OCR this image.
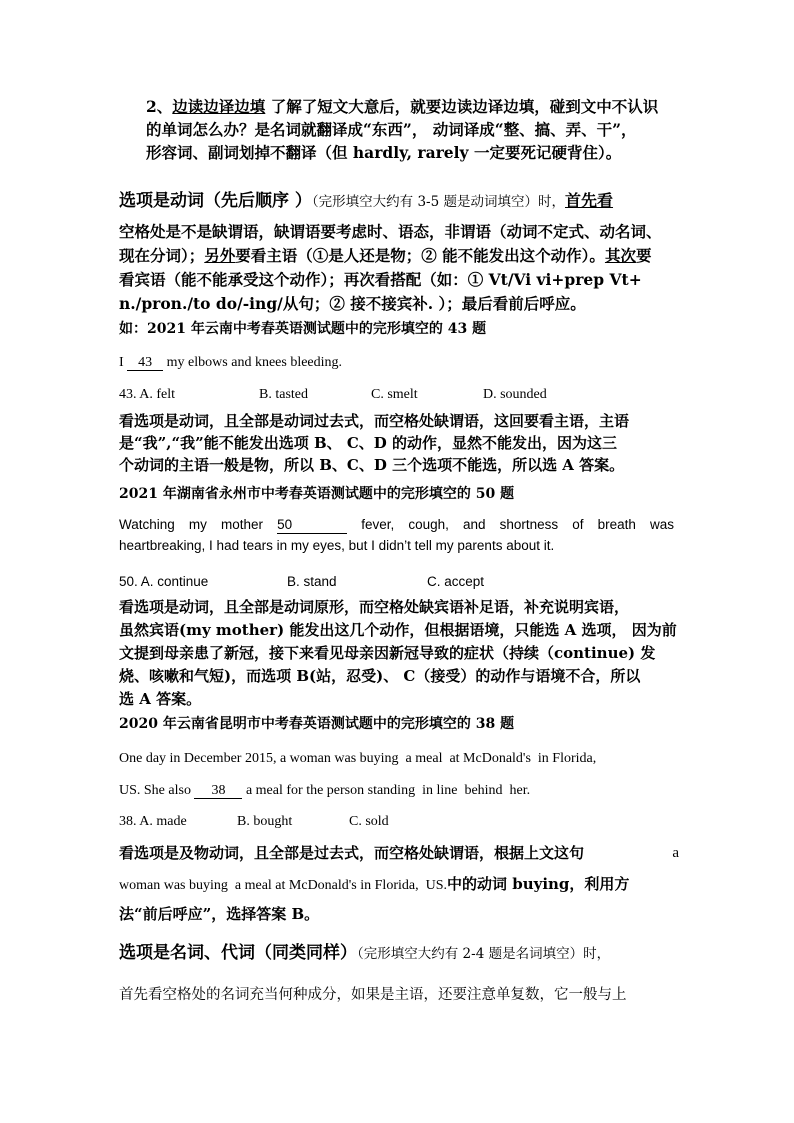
2、边读边译边填 了解了短文大意后，就要边读边译边填，碰到文中不认识
的单词怎么办？是名词就翻译成“东西”， 动词译成“整、搞、弄、干”，
形容词、副词划掉不翻译（但 hardly, rarely 一定要死记硬背住）。
选项是动词（先后顺序 ）（完形填空大约有 3-5 题是动词填空）时，首先看
空格处是不是缺谓语，缺谓语要考虑时、语态，非谓语（动词不定式、动名词、
现在分词）；另外要看主语（①是人还是物；② 能不能发出这个动作）。其次要
看宾语（能不能承受这个动作）；再次看搭配（如：① Vt/Vi vi+prep Vt+
n./pron./to do/-ing/从句；② 接不接宾补. ）；最后看前后呼应。
如：2021 年云南中考春英语测试题中的完形填空的 43 题
I 43 my elbows and knees bleeding.
43. A. felt	B. tasted	C. smelt	D. sounded
看选项是动词，且全部是动词过去式，而空格处缺谓语，这回要看主语，主语
是“我”,“我”能不能发出选项 B、 C、D 的动作，显然不能发出，因为这三
个动词的主语一般是物，所以 B、C、D 三个选项不能选，所以选 A 答案。
2021 年湖南省永州市中考春英语测试题中的完形填空的 50 题
Watching my mother 50	fever, cough, and shortness of breath was
heartbreaking, I had tears in my eyes, but I didn’t tell my parents about it.
50. A. continue	B. stand	C. accept
看选项是动词，且全部是动词原形，而空格处缺宾语补足语，补充说明宾语，
虽然宾语(my mother) 能发出这几个动作，但根据语境，只能选 A 选项， 因为前
文提到母亲患了新冠，接下来看见母亲因新冠导致的症状（持续（continue) 发
烧、咳嗽和气短)，而选项 B(站，忍受)、 C（接受）的动作与语境不合，所以
选 A 答案。
2020 年云南省昆明市中考春英语测试题中的完形填空的 38 题
One day in December 2015, a woman was buying  a meal  at McDonald's  in Florida,
US. She also 38 a meal for the person standing  in line  behind  her.
38. A. made	B. bought	C. sold
看选项是及物动词，且全部是过去式，而空格处缺谓语，根据上文这句	a
woman was buying  a meal at McDonald's in Florida,  US.中的动词 buying，利用方
法“前后呼应”，选择答案 B。
选项是名词、代词（同类同样）（完形填空大约有 2-4 题是名词填空）时，
首先看空格处的名词充当何种成分，如果是主语，还要注意单复数，它一般与上
